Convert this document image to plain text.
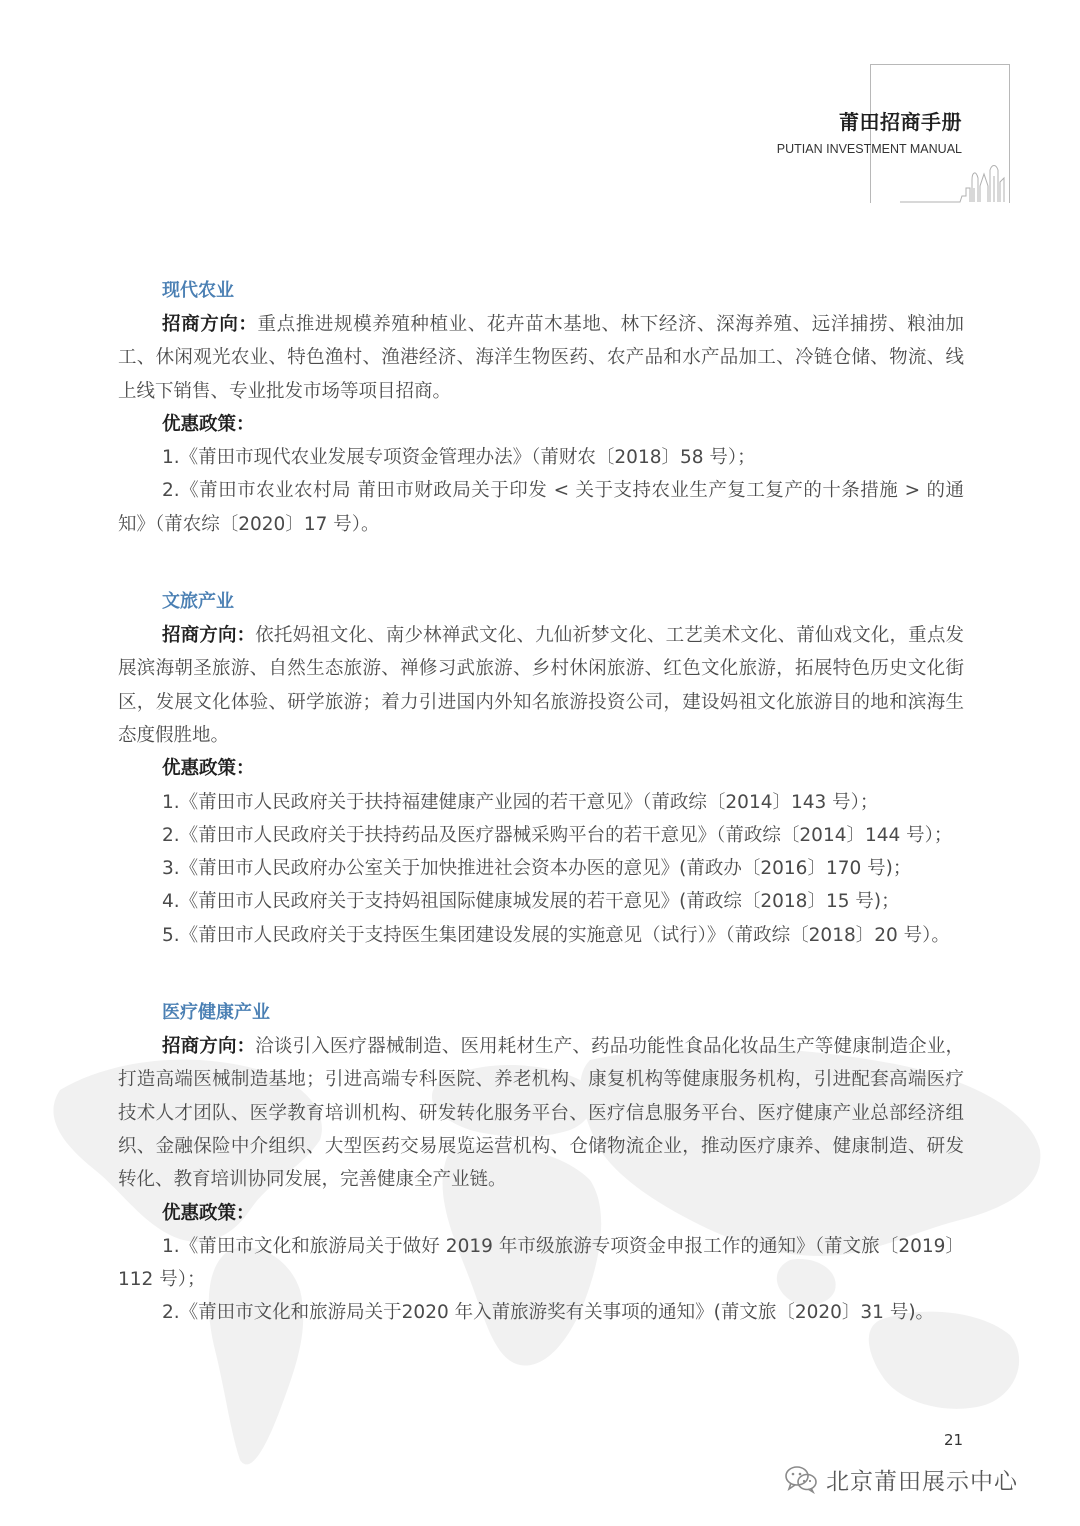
莆田招商手册
PUTIAN INVESTMENT MANUAL
现代农业

招商方向：重点推进规模养殖种植业、花卉苗木基地、林下经济、深海养殖、远洋捕捞、粮油加工、休闲观光农业、特色渔村、渔港经济、海洋生物医药、农产品和水产品加工、冷链仓储、物流、线上线下销售、专业批发市场等项目招商。

优惠政策：

1.《莆田市现代农业发展专项资金管理办法》（莆财农〔2018〕58 号）；

2.《莆田市农业农村局 莆田市财政局关于印发 < 关于支持农业生产复工复产的十条措施 > 的通知》（莆农综〔2020〕17 号）。

文旅产业

招商方向：依托妈祖文化、南少林禅武文化、九仙祈梦文化、工艺美术文化、莆仙戏文化，重点发展滨海朝圣旅游、自然生态旅游、禅修习武旅游、乡村休闲旅游、红色文化旅游，拓展特色历史文化街区，发展文化体验、研学旅游；着力引进国内外知名旅游投资公司，建设妈祖文化旅游目的地和滨海生态度假胜地。

优惠政策：

1.《莆田市人民政府关于扶持福建健康产业园的若干意见》（莆政综〔2014〕143 号）；

2.《莆田市人民政府关于扶持药品及医疗器械采购平台的若干意见》（莆政综〔2014〕144 号）；

3.《莆田市人民政府办公室关于加快推进社会资本办医的意见》(莆政办〔2016〕170 号)；

4.《莆田市人民政府关于支持妈祖国际健康城发展的若干意见》(莆政综〔2018〕15 号)；

5.《莆田市人民政府关于支持医生集团建设发展的实施意见（试行）》（莆政综〔2018〕20 号）。

医疗健康产业

招商方向：洽谈引入医疗器械制造、医用耗材生产、药品功能性食品化妆品生产等健康制造企业，打造高端医械制造基地；引进高端专科医院、养老机构、康复机构等健康服务机构，引进配套高端医疗技术人才团队、医学教育培训机构、研发转化服务平台、医疗信息服务平台、医疗健康产业总部经济组织、金融保险中介组织、大型医药交易展览运营机构、仓储物流企业，推动医疗康养、健康制造、研发转化、教育培训协同发展，完善健康全产业链。

优惠政策：

1.《莆田市文化和旅游局关于做好 2019 年市级旅游专项资金申报工作的通知》（莆文旅〔2019〕112 号）；

2.《莆田市文化和旅游局关于2020 年入莆旅游奖有关事项的通知》(莆文旅〔2020〕31 号)。

21
北京莆田展示中心
